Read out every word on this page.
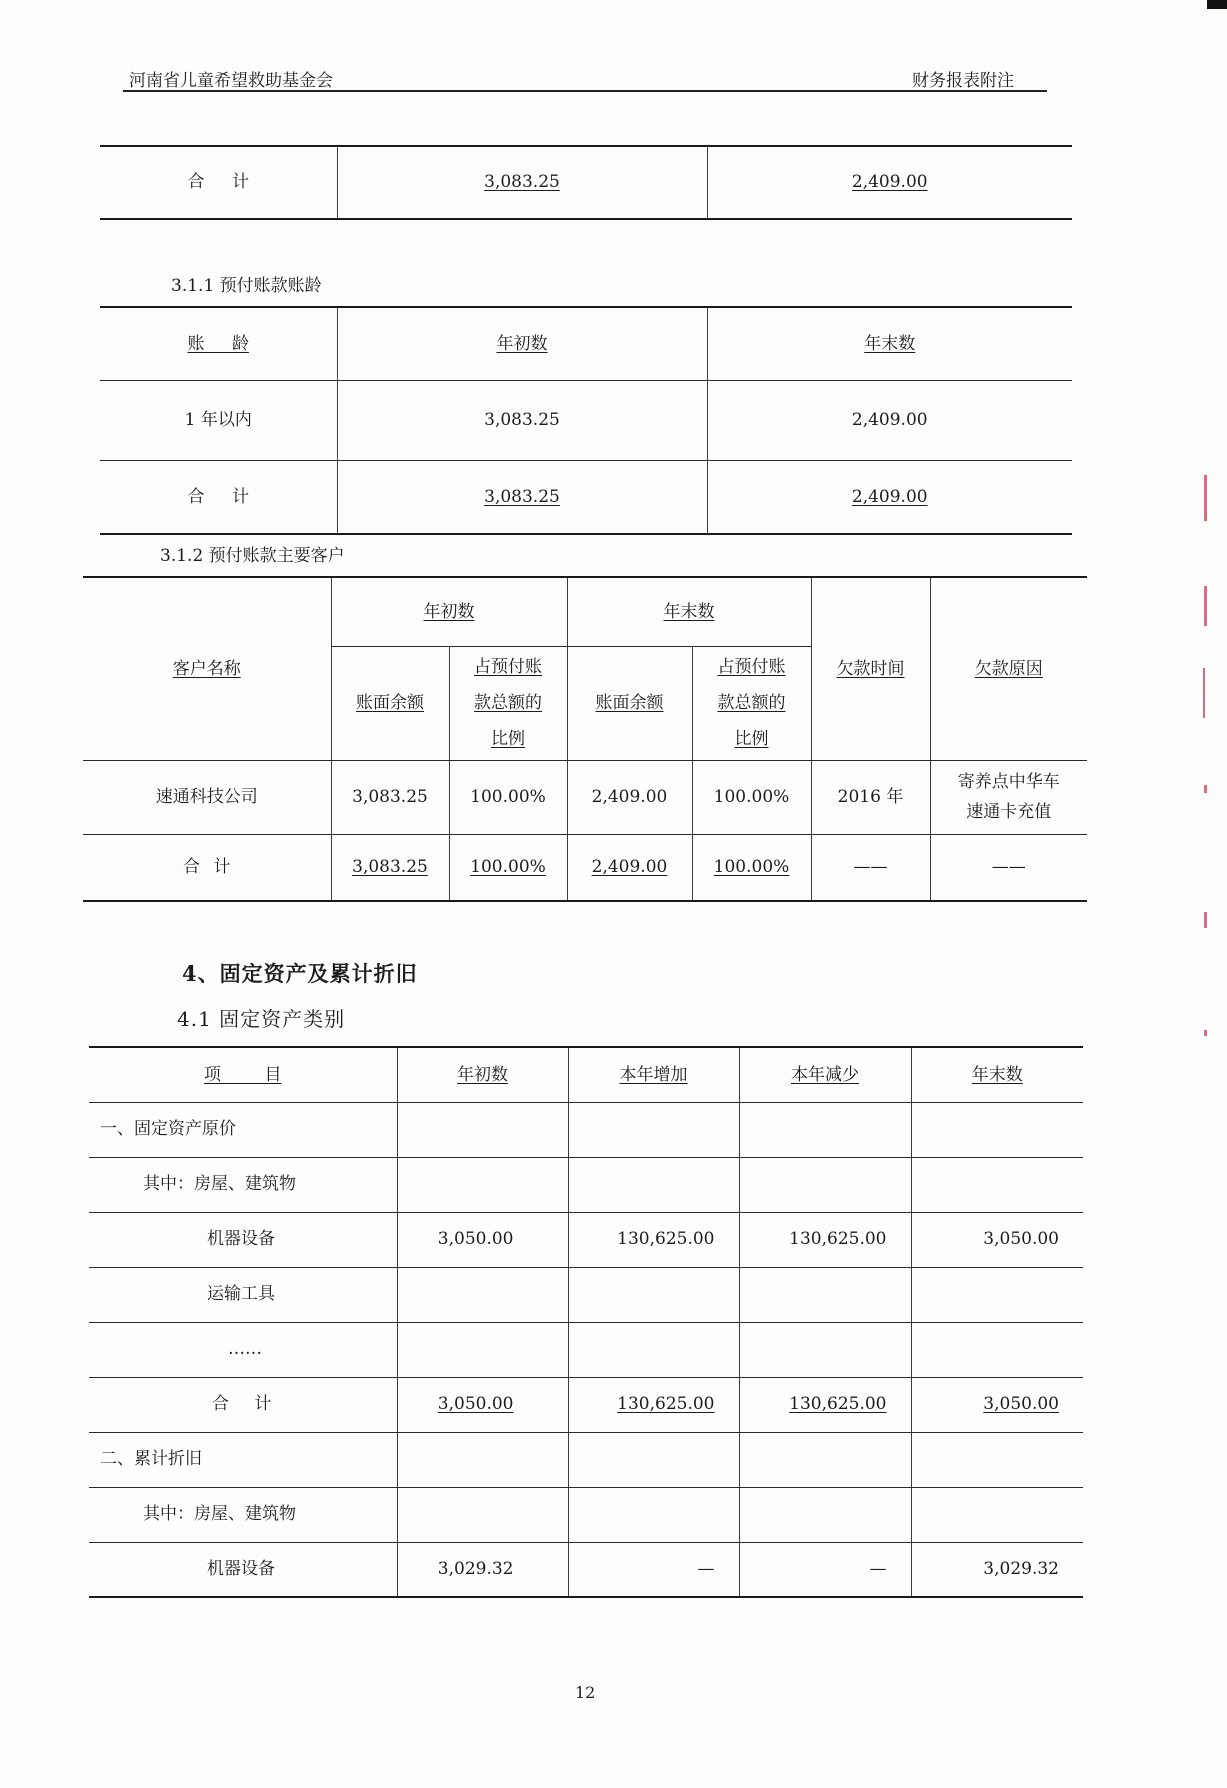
河南省儿童希望救助基金会	财务报表附注
合 计	3,083.25	2,409.00
3.1.1 预付账款账龄
账 龄	年初数	年末数
1 年以内	3,083.25	2,409.00
合 计	3,083.25	2,409.00
3.1.2 预付账款主要客户
客户名称	年初数		年末数		欠款时间	欠款原因
	账面余额	占预付账款总额的比例	账面余额	占预付账款总额的比例		
速通科技公司	3,083.25	100.00%	2,409.00	100.00%	2016 年	寄养点中华车速通卡充值
合 计	3,083.25	100.00%	2,409.00	100.00%	——	——
4、固定资产及累计折旧
4.1 固定资产类别
项 目	年初数	本年增加	本年减少	年末数
一、固定资产原价				
其中：房屋、建筑物				
机器设备	3,050.00	130,625.00	130,625.00	3,050.00
运输工具				
……				
合 计	3,050.00	130,625.00	130,625.00	3,050.00
二、累计折旧				
其中：房屋、建筑物				
机器设备	3,029.32	—	—	3,029.32
12
